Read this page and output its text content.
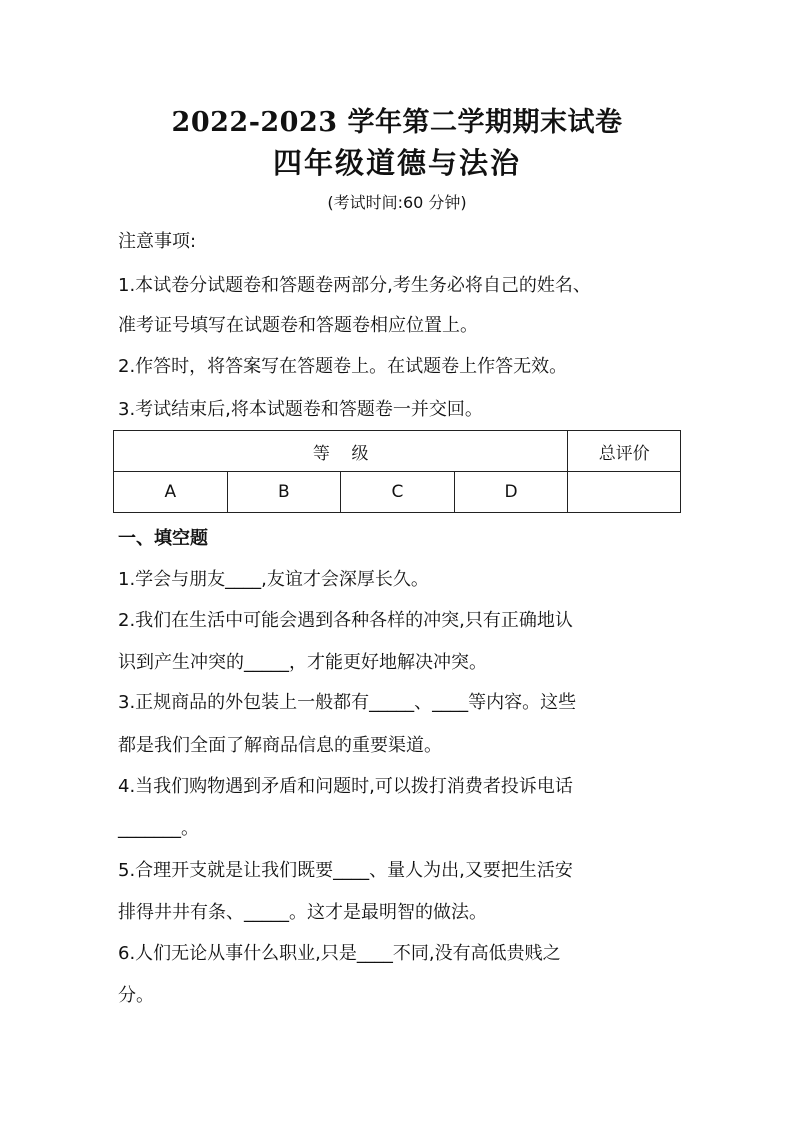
2022-2023 学年第二学期期末试卷
四年级道德与法治
(考试时间:60 分钟)
注意事项:
1.本试卷分试题卷和答题卷两部分,考生务必将自己的姓名、
准考证号填写在试题卷和答题卷相应位置上。
2.作答时，将答案写在答题卷上。在试题卷上作答无效。
3.考试结束后,将本试题卷和答题卷一并交回。
等    级				总评价
A	B	C	D	
一、填空题
1.学会与朋友____,友谊才会深厚长久。
2.我们在生活中可能会遇到各种各样的冲突,只有正确地认
识到产生冲突的_____，才能更好地解决冲突。
3.正规商品的外包装上一般都有_____、____等内容。这些
都是我们全面了解商品信息的重要渠道。
4.当我们购物遇到矛盾和问题时,可以拨打消费者投诉电话
_______。
5.合理开支就是让我们既要____、量人为出,又要把生活安
排得井井有条、_____。这才是最明智的做法。
6.人们无论从事什么职业,只是____不同,没有高低贵贱之
分。
